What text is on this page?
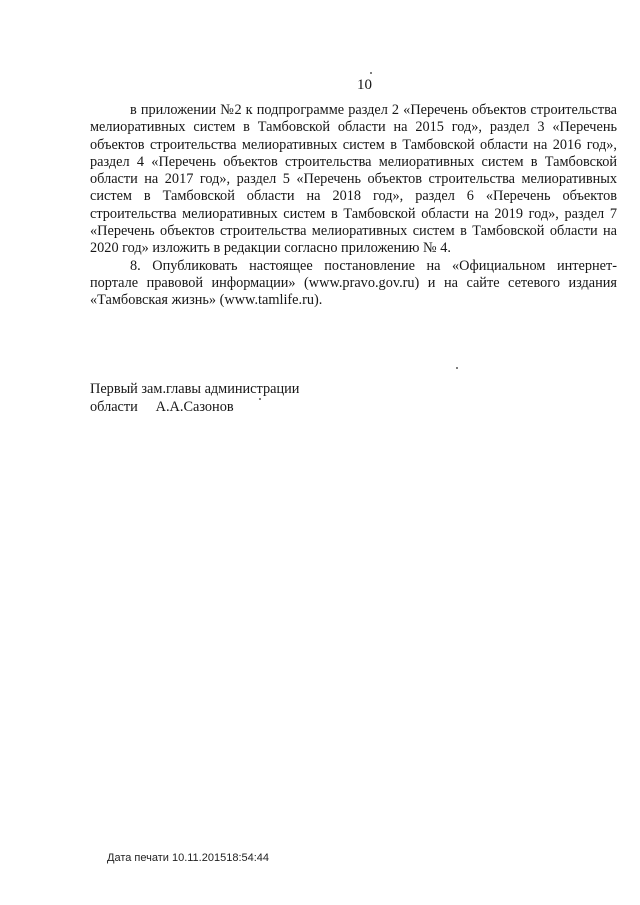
10

в приложении №2 к подпрограмме раздел 2 «Перечень объектов строительства мелиоративных систем в Тамбовской области на 2015 год», раздел 3 «Перечень объектов строительства мелиоративных систем в Тамбовской области на 2016 год», раздел 4 «Перечень объектов строительства мелиоративных систем в Тамбовской области на 2017 год», раздел 5 «Перечень объектов строительства мелиоративных систем в Тамбовской области на 2018 год», раздел 6 «Перечень объектов строительства мелиоративных систем в Тамбовской области на 2019 год», раздел 7 «Перечень объектов строительства мелиоративных систем в Тамбовской области на 2020 год» изложить в редакции согласно приложению № 4.

8. Опубликовать настоящее постановление на «Официальном интернет-портале правовой информации» (www.pravo.gov.ru) и на сайте сетевого издания «Тамбовская жизнь» (www.tamlife.ru).

Первый зам.главы администрации
области     А.А.Сазонов
Дата печати 10.11.201518:54:44
